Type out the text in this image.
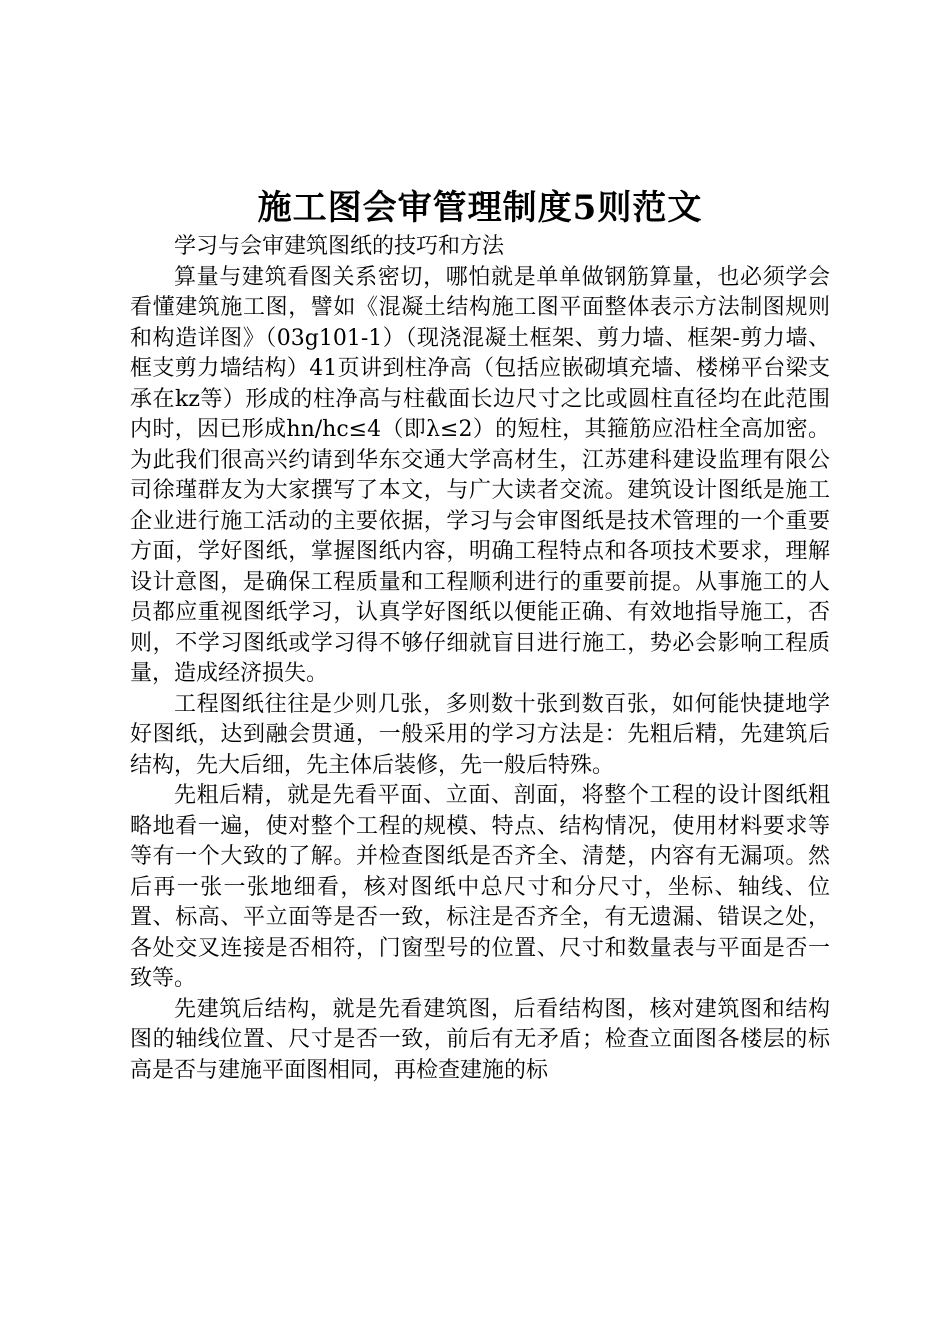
施工图会审管理制度5则范文

学习与会审建筑图纸的技巧和方法

算量与建筑看图关系密切，哪怕就是单单做钢筋算量，也必须学会看懂建筑施工图，譬如《混凝土结构施工图平面整体表示方法制图规则和构造详图》（03g101-1）（现浇混凝土框架、剪力墙、框架-剪力墙、框支剪力墙结构）41页讲到柱净高（包括应嵌砌填充墙、楼梯平台梁支承在kz等）形成的柱净高与柱截面长边尺寸之比或圆柱直径均在此范围内时，因已形成hn/hc≤4（即λ≤2）的短柱，其箍筋应沿柱全高加密。为此我们很高兴约请到华东交通大学高材生，江苏建科建设监理有限公司徐瑾群友为大家撰写了本文，与广大读者交流。建筑设计图纸是施工企业进行施工活动的主要依据，学习与会审图纸是技术管理的一个重要方面，学好图纸，掌握图纸内容，明确工程特点和各项技术要求，理解设计意图，是确保工程质量和工程顺利进行的重要前提。从事施工的人员都应重视图纸学习，认真学好图纸以便能正确、有效地指导施工，否则，不学习图纸或学习得不够仔细就盲目进行施工，势必会影响工程质量，造成经济损失。

工程图纸往往是少则几张，多则数十张到数百张，如何能快捷地学好图纸，达到融会贯通，一般采用的学习方法是：先粗后精，先建筑后结构，先大后细，先主体后装修，先一般后特殊。

先粗后精，就是先看平面、立面、剖面，将整个工程的设计图纸粗略地看一遍，使对整个工程的规模、特点、结构情况，使用材料要求等等有一个大致的了解。并检查图纸是否齐全、清楚，内容有无漏项。然后再一张一张地细看，核对图纸中总尺寸和分尺寸，坐标、轴线、位置、标高、平立面等是否一致，标注是否齐全，有无遗漏、错误之处，各处交叉连接是否相符，门窗型号的位置、尺寸和数量表与平面是否一致等。

先建筑后结构，就是先看建筑图，后看结构图，核对建筑图和结构图的轴线位置、尺寸是否一致，前后有无矛盾；检查立面图各楼层的标高是否与建施平面图相同，再检查建施的标
